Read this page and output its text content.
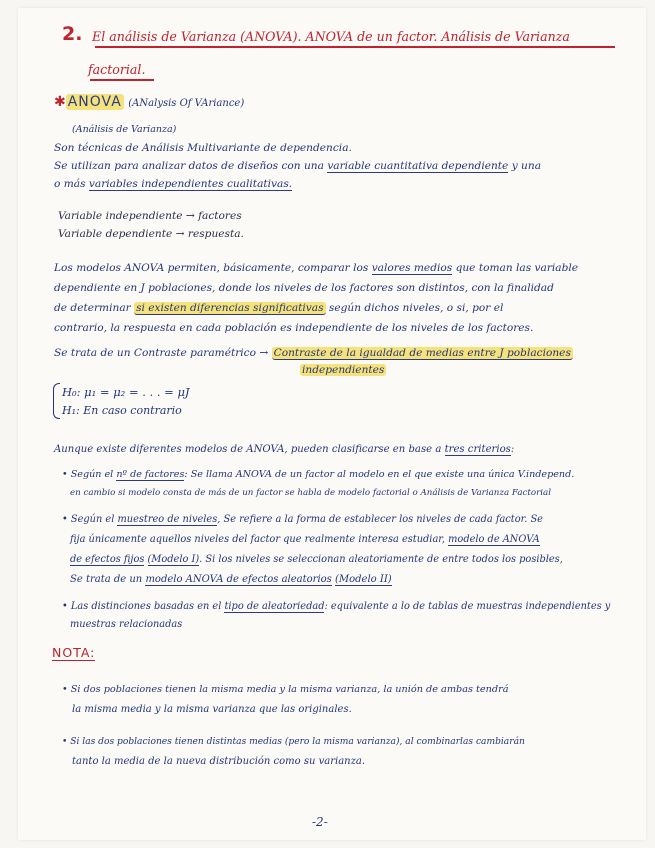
2. El análisis de Varianza (ANOVA). ANOVA de un factor. Análisis de Varianza
factorial.
✱ ANOVA (ANalysis Of VAriance)
(Análisis de Varianza)
Son técnicas de Análisis Multivariante de dependencia.
Se utilizan para analizar datos de diseños con una variable cuantitativa dependiente y una
o más variables independientes cualitativas.
Variable independiente → factores
Variable dependiente → respuesta.
Los modelos ANOVA permiten, básicamente, comparar los valores medios que toman las variable
dependiente en J poblaciones, donde los niveles de los factores son distintos, con la finalidad
de determinar si existen diferencias significativas según dichos niveles, o si, por el
contrario, la respuesta en cada población es independiente de los niveles de los factores.
Se trata de un Contraste paramétrico → Contraste de la igualdad de medias entre J poblaciones
independientes
H₀: μ₁ = μ₂ = . . . = μJ
H₁: En caso contrario
Aunque existe diferentes modelos de ANOVA, pueden clasificarse en base a tres criterios:
• Según el nº de factores: Se llama ANOVA de un factor al modelo en el que existe una única V.independ.
en cambio si modelo consta de más de un factor se habla de modelo factorial o Análisis de Varianza Factorial
• Según el muestreo de niveles, Se refiere a la forma de establecer los niveles de cada factor. Se
fija únicamente aquellos niveles del factor que realmente interesa estudiar, modelo de ANOVA
de efectos fijos (Modelo I). Si los niveles se seleccionan aleatoriamente de entre todos los posibles,
Se trata de un modelo ANOVA de efectos aleatorios (Modelo II)
• Las distinciones basadas en el tipo de aleatoriedad: equivalente a lo de tablas de muestras independientes y
muestras relacionadas
NOTA:
• Si dos poblaciones tienen la misma media y la misma varianza, la unión de ambas tendrá
la misma media y la misma varianza que las originales.
• Si las dos poblaciones tienen distintas medias (pero la misma varianza), al combinarlas cambiarán
tanto la media de la nueva distribución como su varianza.
-2-
